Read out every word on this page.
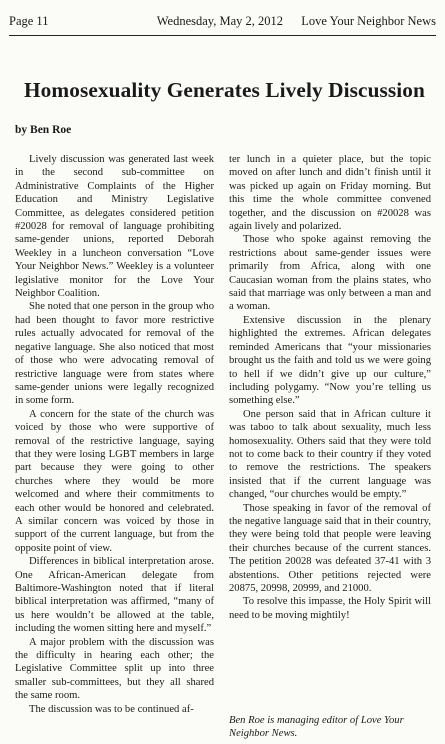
Page 11	Wednesday, May 2, 2012 Love Your Neighbor News
Homosexuality Generates Lively Discussion
by Ben Roe

Lively discussion was generated last week in the second sub-committee on Administrative Complaints of the Higher Education and Ministry Legislative Committee, as delegates considered petition #20028 for removal of language prohibiting same-gender unions, reported Deborah Weekley in a luncheon conversation “Love Your Neighbor News.” Weekley is a volunteer legislative monitor for the Love Your Neighbor Coalition.

She noted that one person in the group who had been thought to favor more restrictive rules actually advocated for removal of the negative language. She also noticed that most of those who were advocating removal of restrictive language were from states where same-gender unions were legally recognized in some form.

A concern for the state of the church was voiced by those who were supportive of removal of the restrictive language, saying that they were losing LGBT members in large part because they were going to other churches where they would be more welcomed and where their commitments to each other would be honored and celebrated. A similar concern was voiced by those in support of the current language, but from the opposite point of view.

Differences in biblical interpretation arose. One African-American delegate from Baltimore-Washington noted that if literal biblical interpretation was affirmed, “many of us here wouldn’t be allowed at the table, including the women sitting here and myself.”

A major problem with the discussion was the difficulty in hearing each other; the Legislative Committee split up into three smaller sub-committees, but they all shared the same room.

The discussion was to be continued af-

ter lunch in a quieter place, but the topic moved on after lunch and didn’t finish until it was picked up again on Friday morning. But this time the whole committee convened together, and the discussion on #20028 was again lively and polarized.

Those who spoke against removing the restrictions about same-gender issues were primarily from Africa, along with one Caucasian woman from the plains states, who said that marriage was only between a man and a woman.

Extensive discussion in the plenary highlighted the extremes. African delegates reminded Americans that “your missionaries brought us the faith and told us we were going to hell if we didn’t give up our culture,” including polygamy. “Now you’re telling us something else.”

One person said that in African culture it was taboo to talk about sexuality, much less homosexuality. Others said that they were told not to come back to their country if they voted to remove the restrictions. The speakers insisted that if the current language was changed, “our churches would be empty.”

Those speaking in favor of the removal of the negative language said that in their country, they were being told that people were leaving their churches because of the current stances. The petition 20028 was defeated 37-41 with 3 abstentions. Other petitions rejected were 20875, 20998, 20999, and 21000.

To resolve this impasse, the Holy Spirit will need to be moving mightily!

Ben Roe is managing editor of Love Your Neighbor News.
